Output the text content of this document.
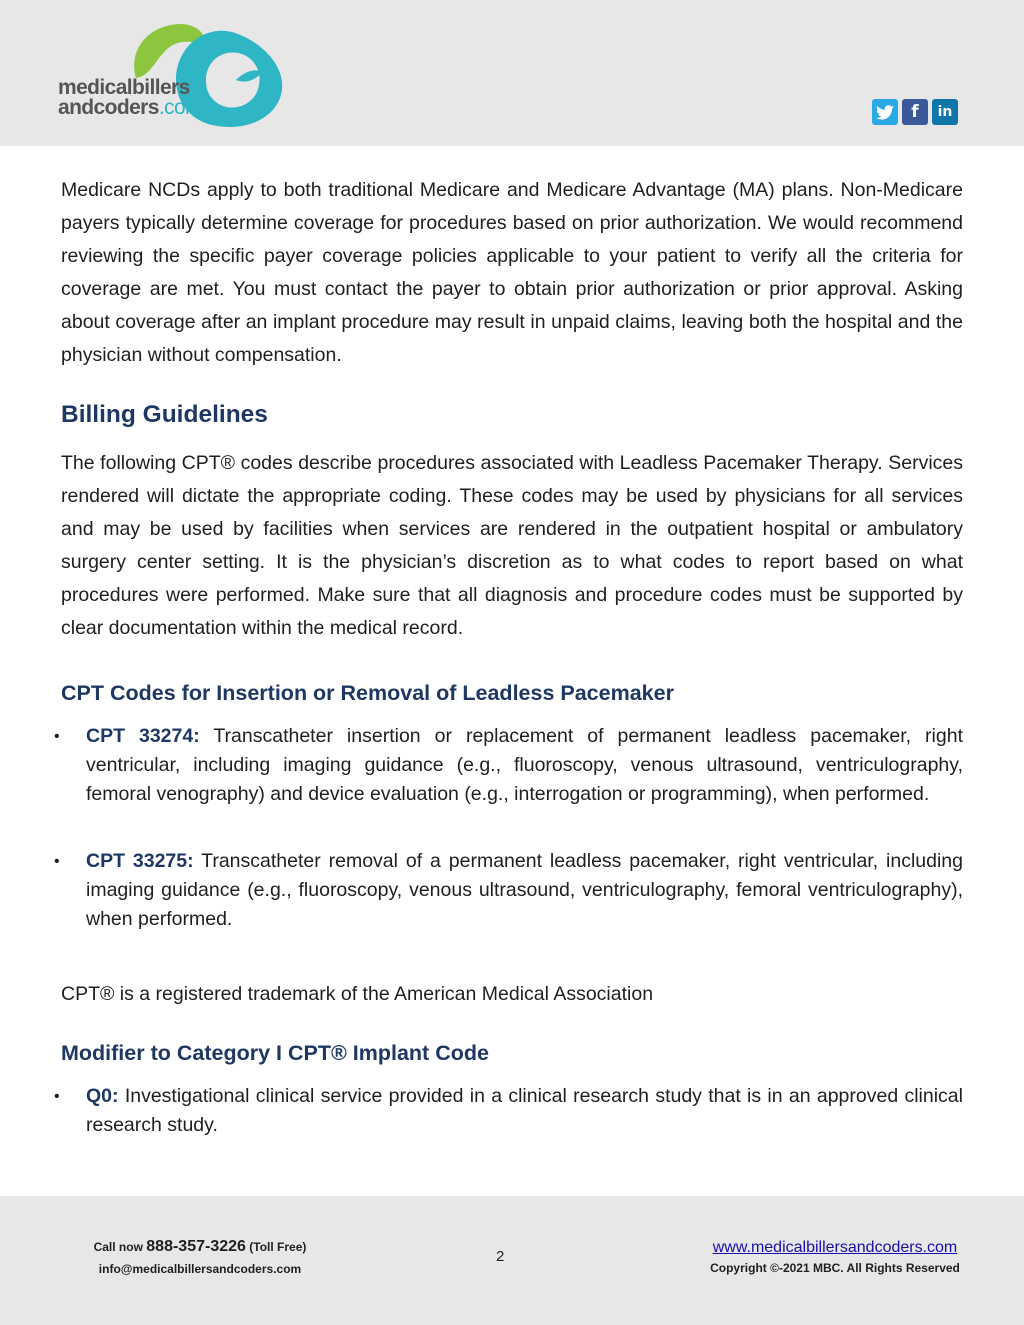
medicalbillers
andcoders.com	f	in

Medicare NCDs apply to both traditional Medicare and Medicare Advantage (MA) plans. Non-Medicare payers typically determine coverage for procedures based on prior authorization. We would recommend reviewing the specific payer coverage policies applicable to your patient to verify all the criteria for coverage are met. You must contact the payer to obtain prior authorization or prior approval. Asking about coverage after an implant procedure may result in unpaid claims, leaving both the hospital and the physician without compensation.

Billing Guidelines

The following CPT® codes describe procedures associated with Leadless Pacemaker Therapy. Services rendered will dictate the appropriate coding. These codes may be used by physicians for all services and may be used by facilities when services are rendered in the outpatient hospital or ambulatory surgery center setting. It is the physician’s discretion as to what codes to report based on what procedures were performed. Make sure that all diagnosis and procedure codes must be supported by clear documentation within the medical record.

CPT Codes for Insertion or Removal of Leadless Pacemaker
• CPT 33274: Transcatheter insertion or replacement of permanent leadless pacemaker, right ventricular, including imaging guidance (e.g., fluoroscopy, venous ultrasound, ventriculography, femoral venography) and device evaluation (e.g., interrogation or programming), when performed.
• CPT 33275: Transcatheter removal of a permanent leadless pacemaker, right ventricular, including imaging guidance (e.g., fluoroscopy, venous ultrasound, ventriculography, femoral ventriculography), when performed.

CPT® is a registered trademark of the American Medical Association

Modifier to Category I CPT® Implant Code
• Q0: Investigational clinical service provided in a clinical research study that is in an approved clinical research study.
Call now 888-357-3226 (Toll Free)
info@medicalbillersandcoders.com
2
www.medicalbillersandcoders.com
Copyright ©-2021 MBC. All Rights Reserved
